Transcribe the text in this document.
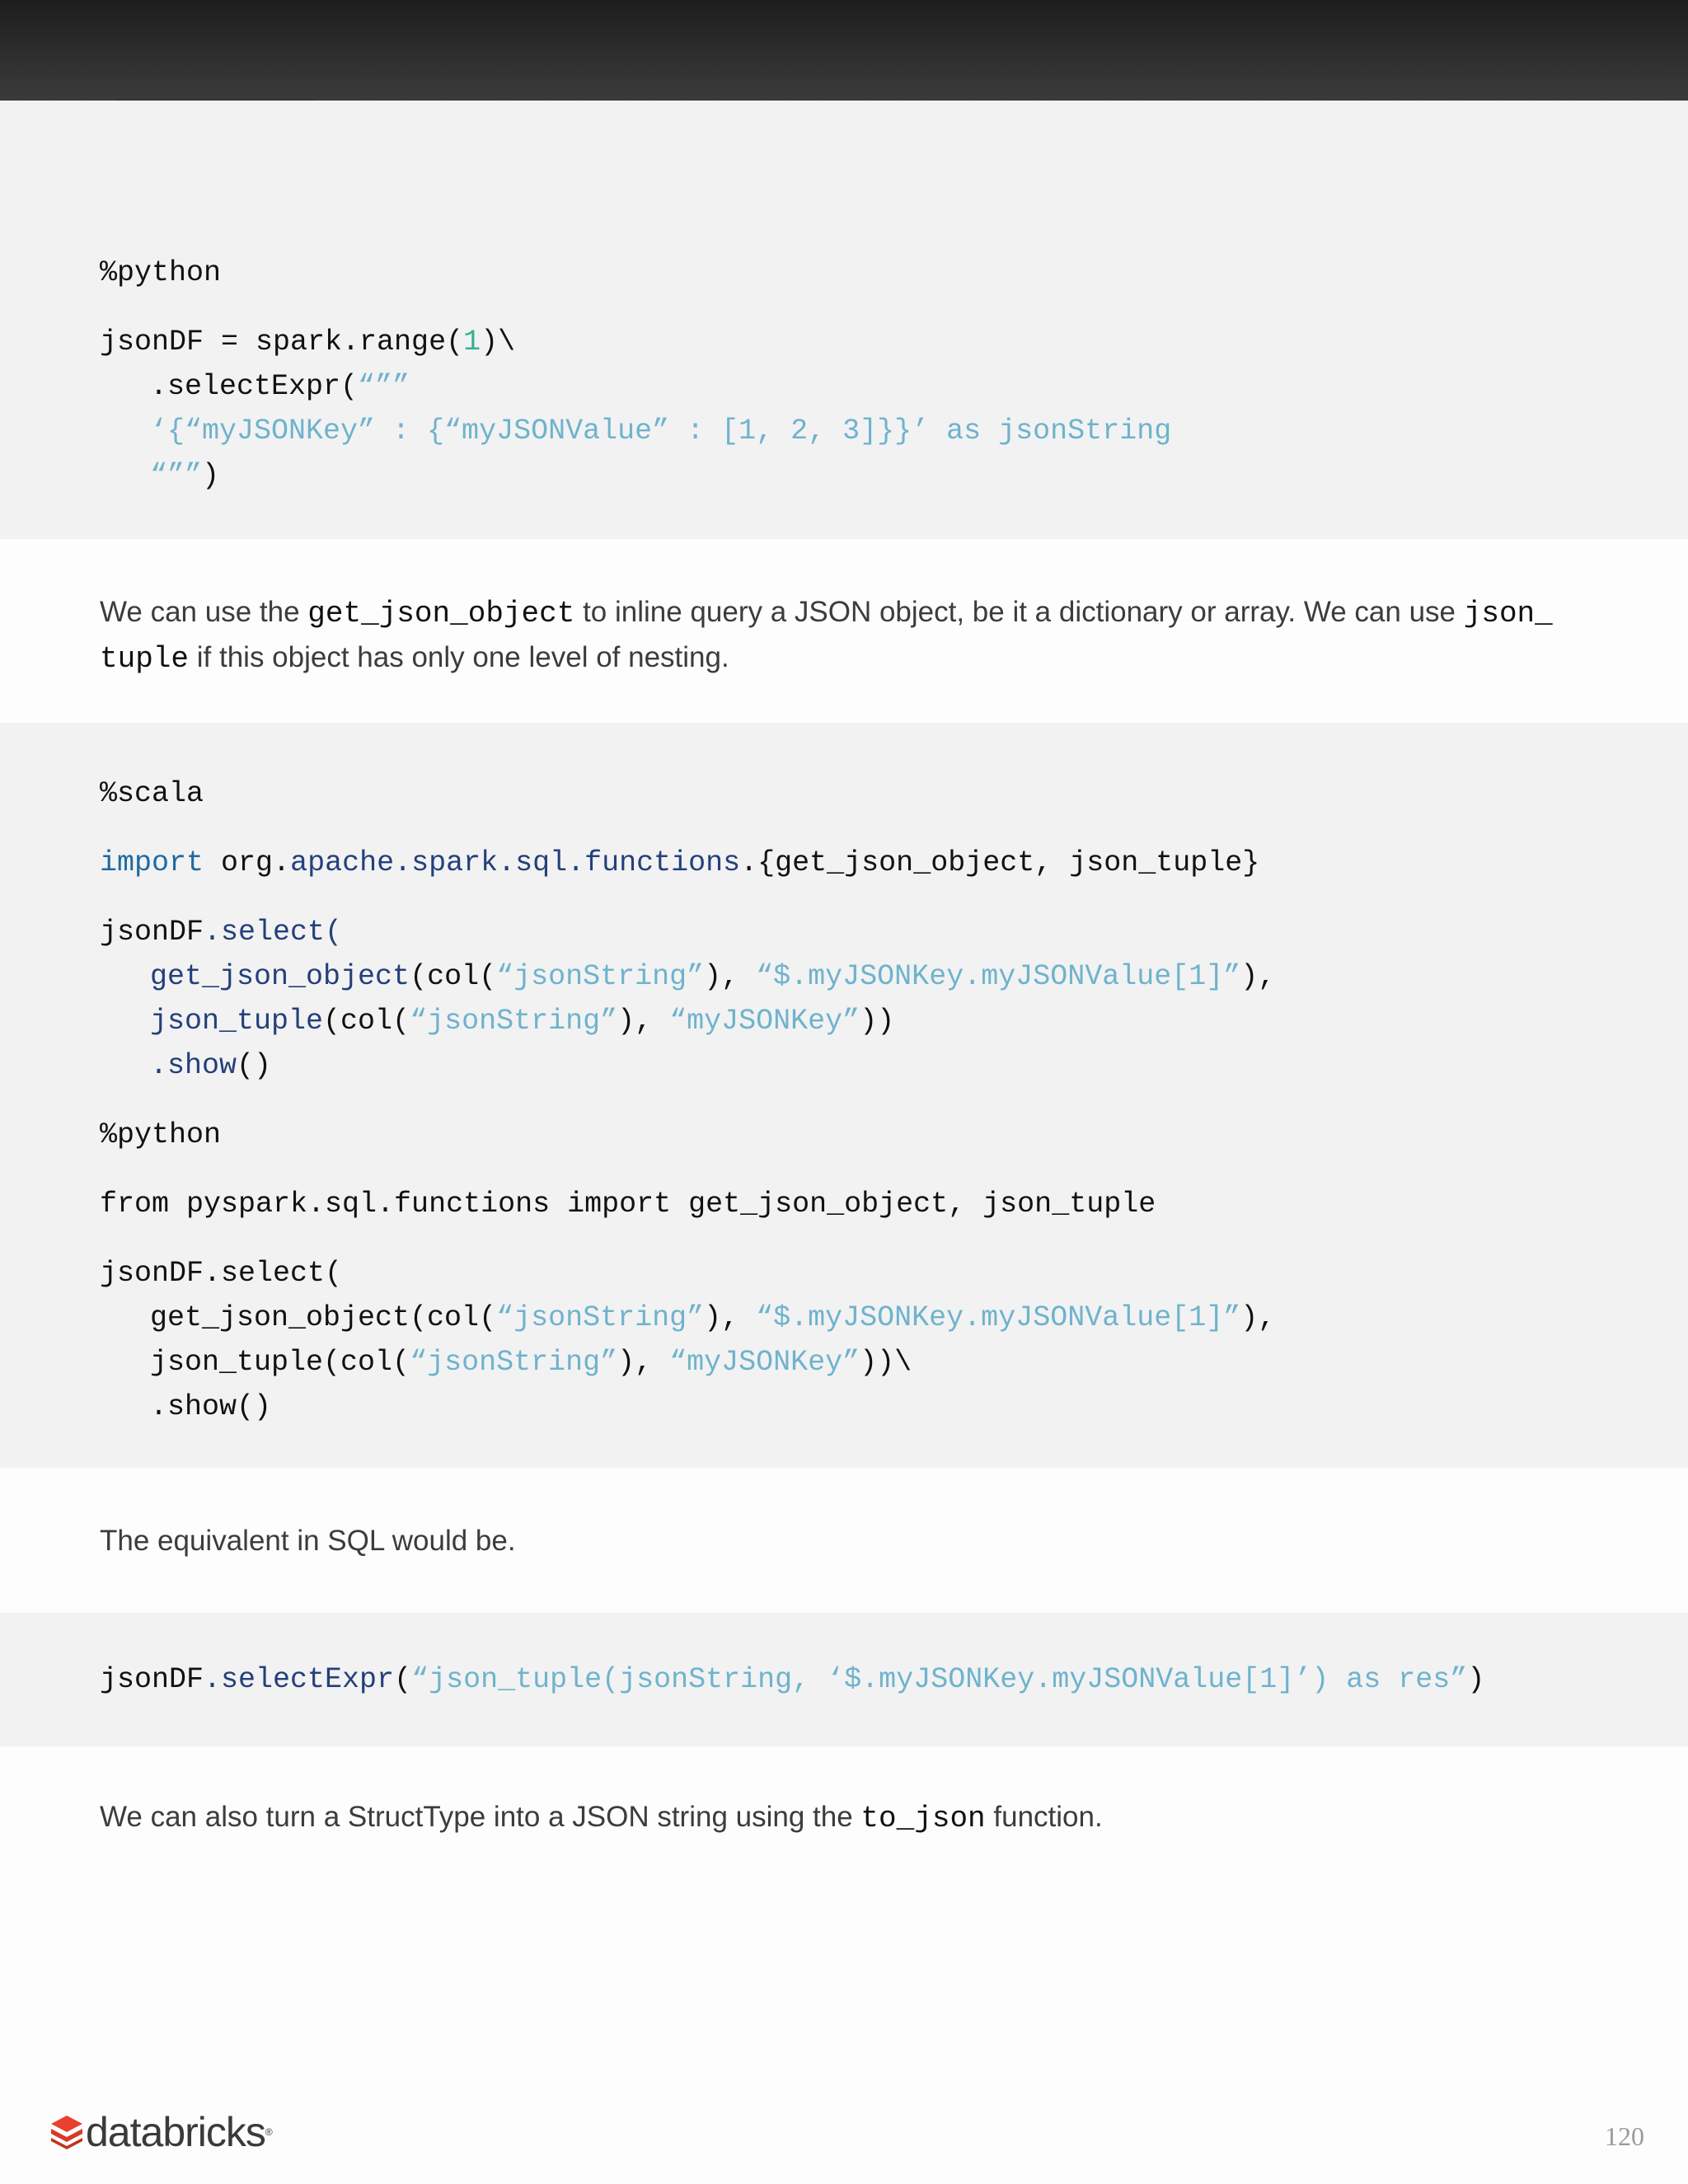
%python
jsonDF = spark.range(1)\
.selectExpr(“””
‘{“myJSONKey” : {“myJSONValue” : [1, 2, 3]}}’ as jsonString
“””)

We can use the get_json_object to inline query a JSON object, be it a dictionary or array. We can use json_
tuple if this object has only one level of nesting.

%scala
import org.apache.spark.sql.functions.{get_json_object, json_tuple}
jsonDF.select(
get_json_object(col(“jsonString”), “$.myJSONKey.myJSONValue[1]”),
json_tuple(col(“jsonString”), “myJSONKey”))
.show()
%python
from pyspark.sql.functions import get_json_object, json_tuple
jsonDF.select(
get_json_object(col(“jsonString”), “$.myJSONKey.myJSONValue[1]”),
json_tuple(col(“jsonString”), “myJSONKey”))\
.show()

The equivalent in SQL would be.

jsonDF.selectExpr(“json_tuple(jsonString, ‘$.myJSONKey.myJSONValue[1]’) as res”)

We can also turn a StructType into a JSON string using the to_json function.

databricks ®	120
